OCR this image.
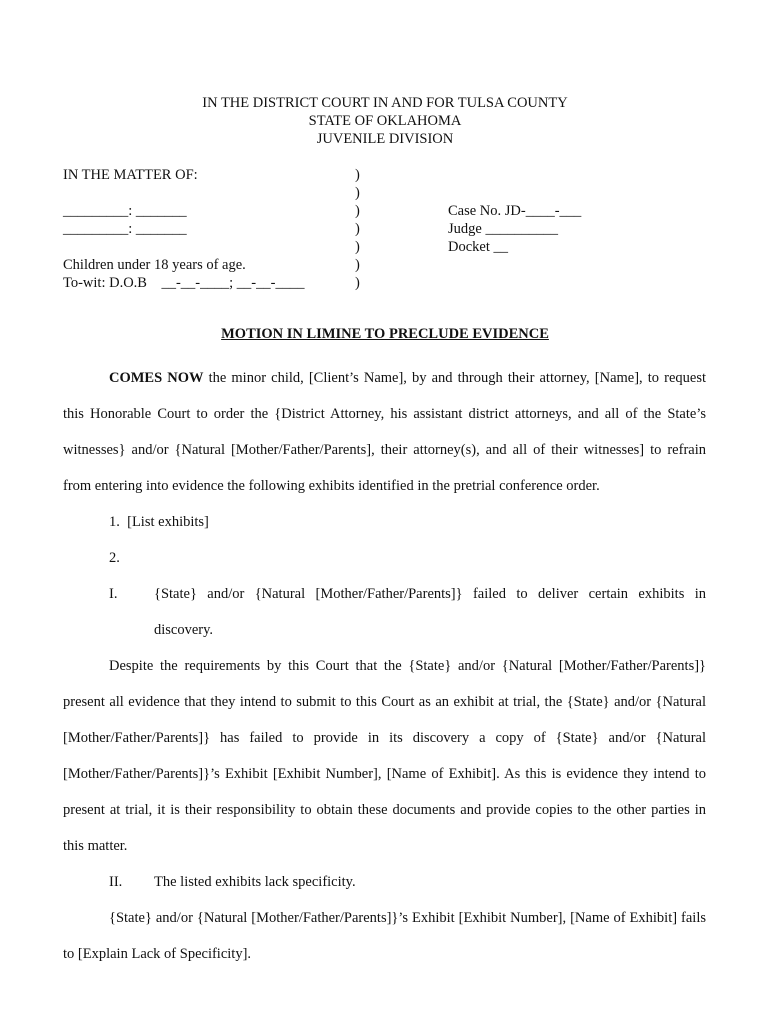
IN THE DISTRICT COURT IN AND FOR TULSA COUNTY
STATE OF OKLAHOMA
JUVENILE DIVISION
IN THE MATTER OF:
_________: _______
_________: _______
Children under 18 years of age.
To-wit: D.O.B    __-__-____; __-__-____
)
)
)
)
)
)
)
Case No. JD-____-___
Judge __________
Docket __
MOTION IN LIMINE TO PRECLUDE EVIDENCE

COMES NOW the minor child, [Client’s Name], by and through their attorney, [Name], to request this Honorable Court to order the {District Attorney, his assistant district attorneys, and all of the State’s witnesses} and/or {Natural [Mother/Father/Parents], their attorney(s), and all of their witnesses] to refrain from entering into evidence the following exhibits identified in the pretrial conference order.

1.  [List exhibits]

2.

I.	{State} and/or {Natural [Mother/Father/Parents]} failed to deliver certain exhibits in discovery.

Despite the requirements by this Court that the {State} and/or {Natural [Mother/Father/Parents]} present all evidence that they intend to submit to this Court as an exhibit at trial, the {State} and/or {Natural [Mother/Father/Parents]} has failed to provide in its discovery a copy of {State} and/or {Natural [Mother/Father/Parents]}’s Exhibit [Exhibit Number], [Name of Exhibit]. As this is evidence they intend to present at trial, it is their responsibility to obtain these documents and provide copies to the other parties in this matter.

II. The listed exhibits lack specificity.

{State} and/or {Natural [Mother/Father/Parents]}’s Exhibit [Exhibit Number], [Name of Exhibit] fails to [Explain Lack of Specificity].
